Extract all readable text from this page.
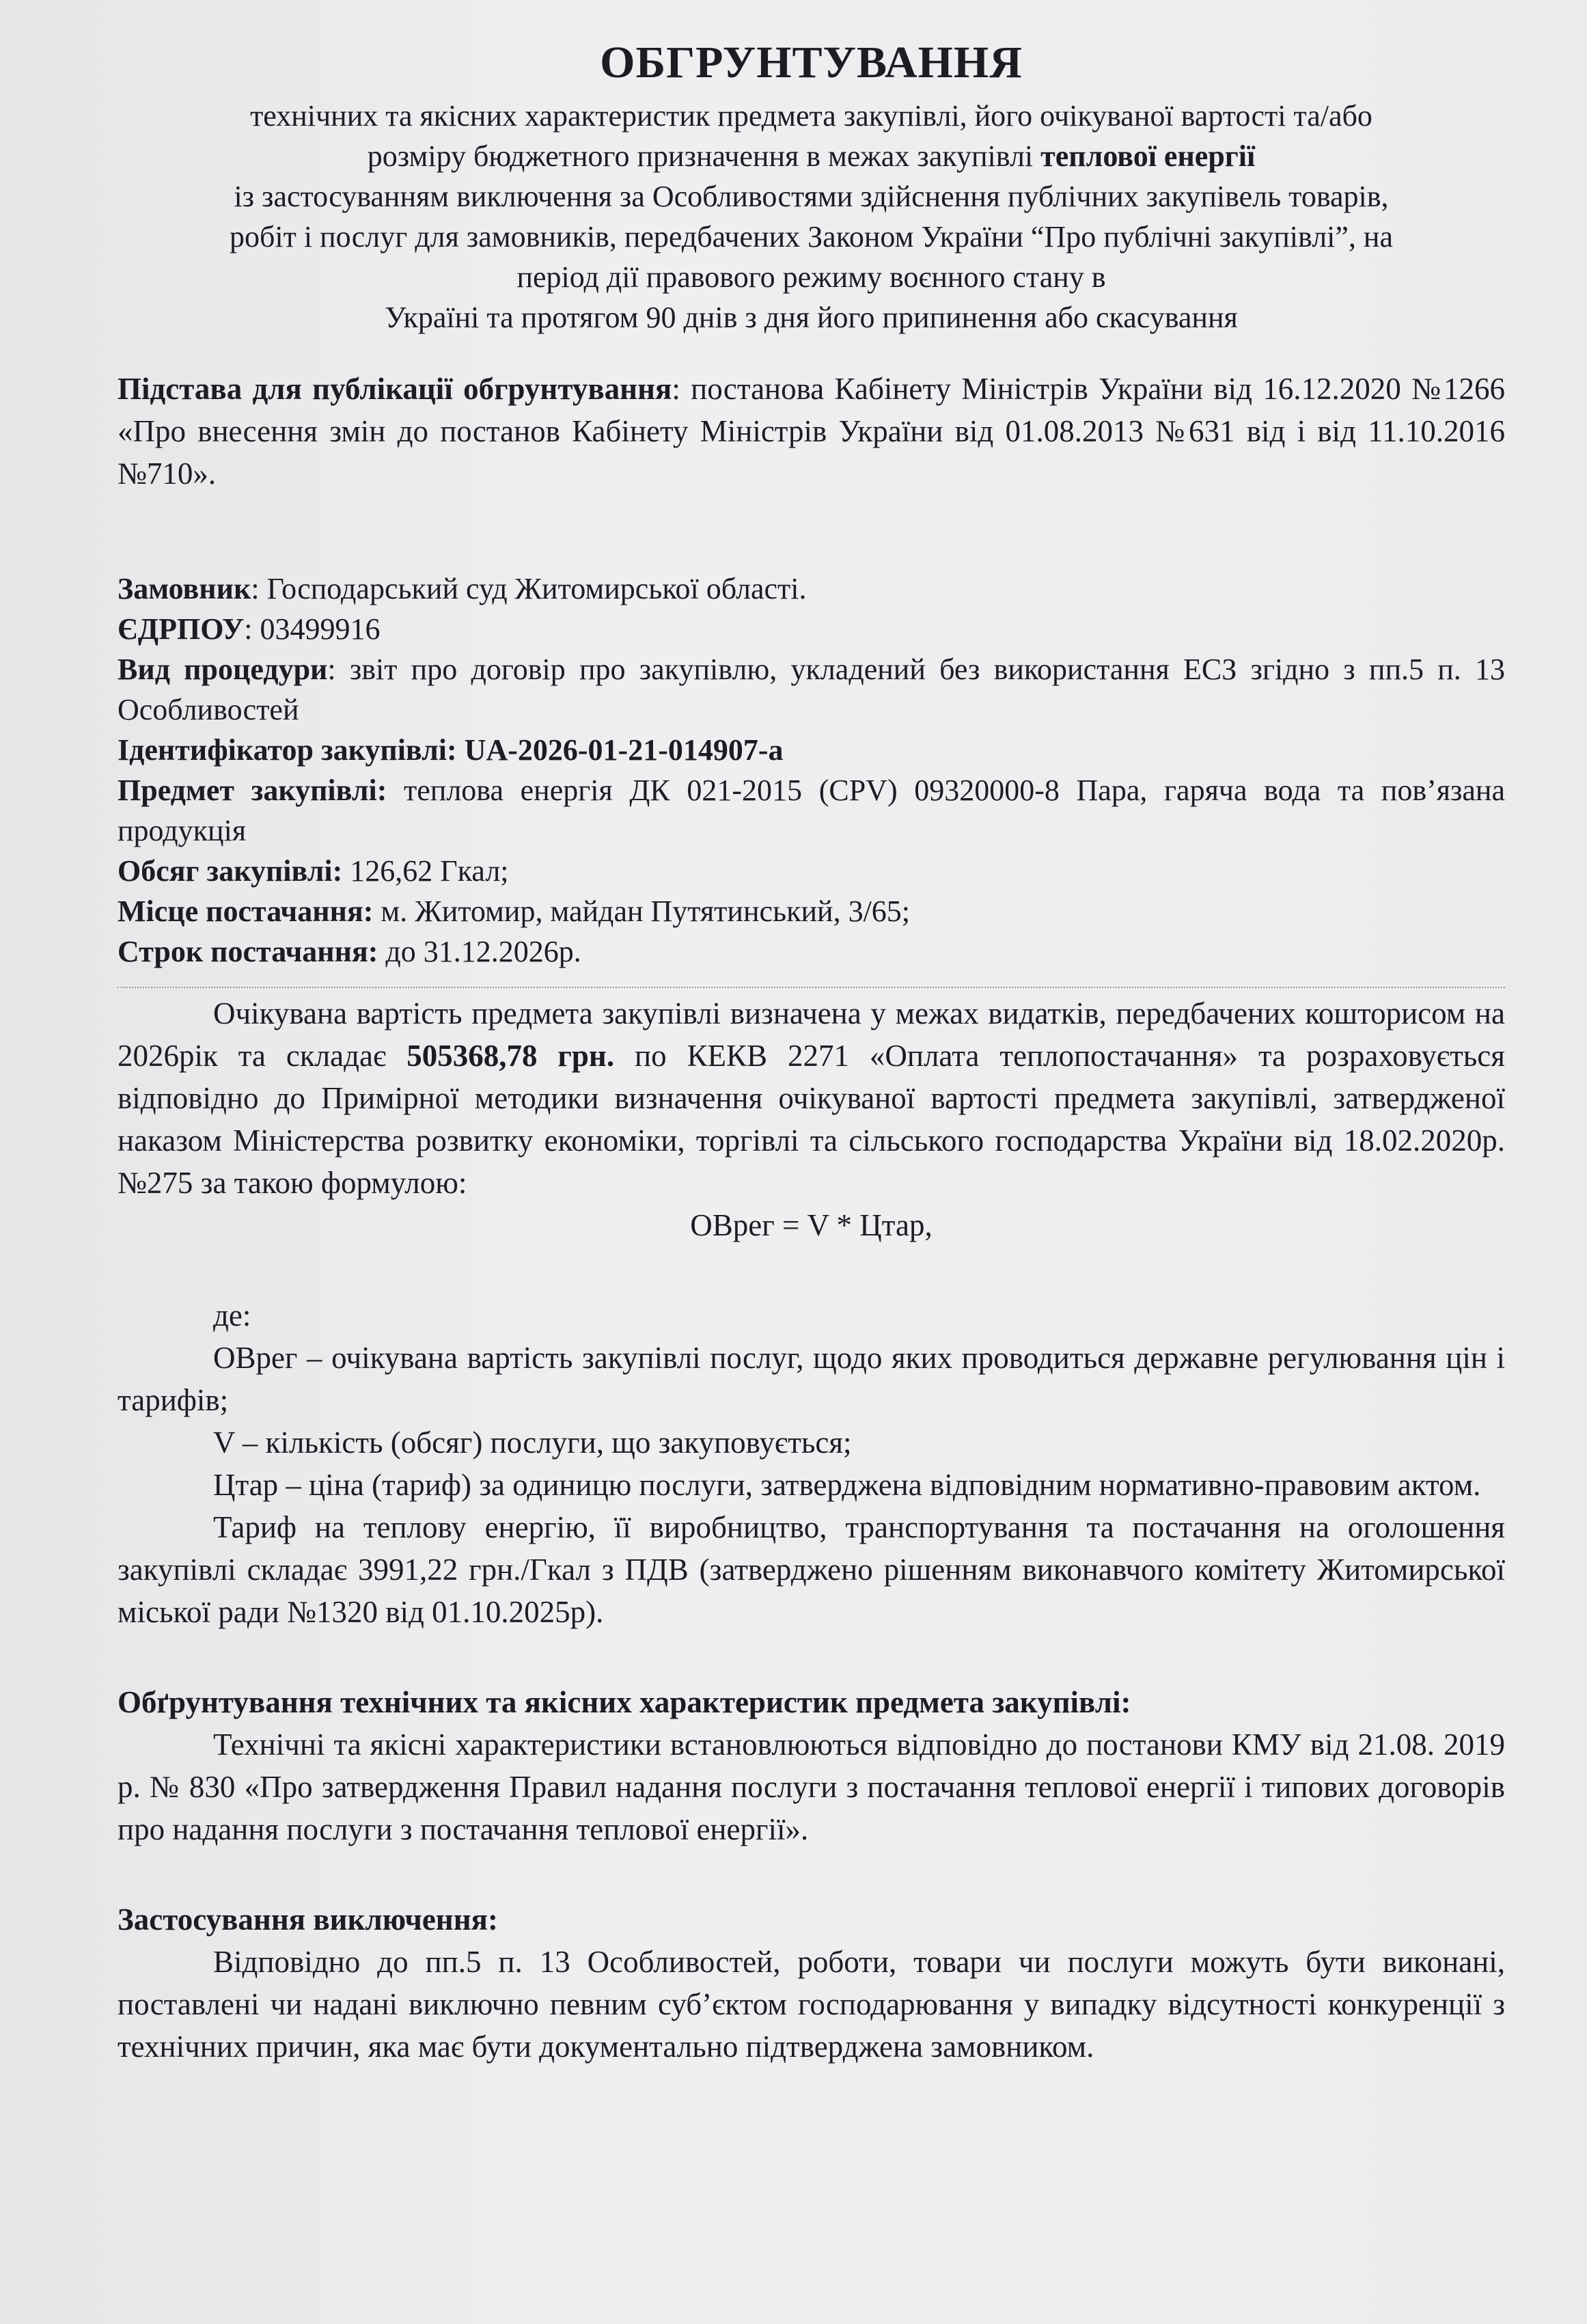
ОБГРУНТУВАННЯ

технічних та якісних характеристик предмета закупівлі, його очікуваної вартості та/або

розміру бюджетного призначення в межах закупівлі теплової енергії

із застосуванням виключення за Особливостями здійснення публічних закупівель товарів,

робіт і послуг для замовників, передбачених Законом України “Про публічні закупівлі”, на

період дії правового режиму воєнного стану в

Україні та протягом 90 днів з дня його припинення або скасування

Підстава для публікації обгрунтування: постанова Кабінету Міністрів України від 16.12.2020 №1266 «Про внесення змін до постанов Кабінету Міністрів України від 01.08.2013 №631 від і від 11.10.2016 №710».

Замовник: Господарський суд Житомирської області.

ЄДРПОУ: 03499916

Вид процедури: звіт про договір про закупівлю, укладений без використання ЕСЗ згідно з пп.5 п. 13 Особливостей

Ідентифікатор закупівлі: UA-2026-01-21-014907-а

Предмет закупівлі: теплова енергія ДК 021-2015 (CPV) 09320000-8 Пара, гаряча вода та пов’язана продукція

Обсяг закупівлі: 126,62 Гкал;

Місце постачання: м. Житомир, майдан Путятинський, 3/65;

Строк постачання: до 31.12.2026р.

Очікувана вартість предмета закупівлі визначена у межах видатків, передбачених кошторисом на 2026рік та складає 505368,78 грн. по КЕКВ 2271 «Оплата теплопостачання» та розраховується відповідно до Примірної методики визначення очікуваної вартості предмета закупівлі, затвердженої наказом Міністерства розвитку економіки, торгівлі та сільського господарства України від 18.02.2020р. №275 за такою формулою:

ОВрег = V * Цтар,

де:

ОВрег – очікувана вартість закупівлі послуг, щодо яких проводиться державне регулювання цін і тарифів;

V – кількість (обсяг) послуги, що закуповується;

Цтар – ціна (тариф) за одиницю послуги, затверджена відповідним нормативно-правовим актом.

Тариф на теплову енергію, її виробництво, транспортування та постачання на оголошення закупівлі складає 3991,22 грн./Гкал з ПДВ (затверджено рішенням виконавчого комітету Житомирської міської ради №1320 від 01.10.2025р).

Обґрунтування технічних та якісних характеристик предмета закупівлі:

Технічні та якісні характеристики встановлюються відповідно до постанови КМУ від 21.08. 2019 р. № 830 «Про затвердження Правил надання послуги з постачання теплової енергії і типових договорів про надання послуги з постачання теплової енергії».

Застосування виключення:

Відповідно до пп.5 п. 13 Особливостей, роботи, товари чи послуги можуть бути виконані, поставлені чи надані виключно певним суб’єктом господарювання у випадку відсутності конкуренції з технічних причин, яка має бути документально підтверджена замовником.
